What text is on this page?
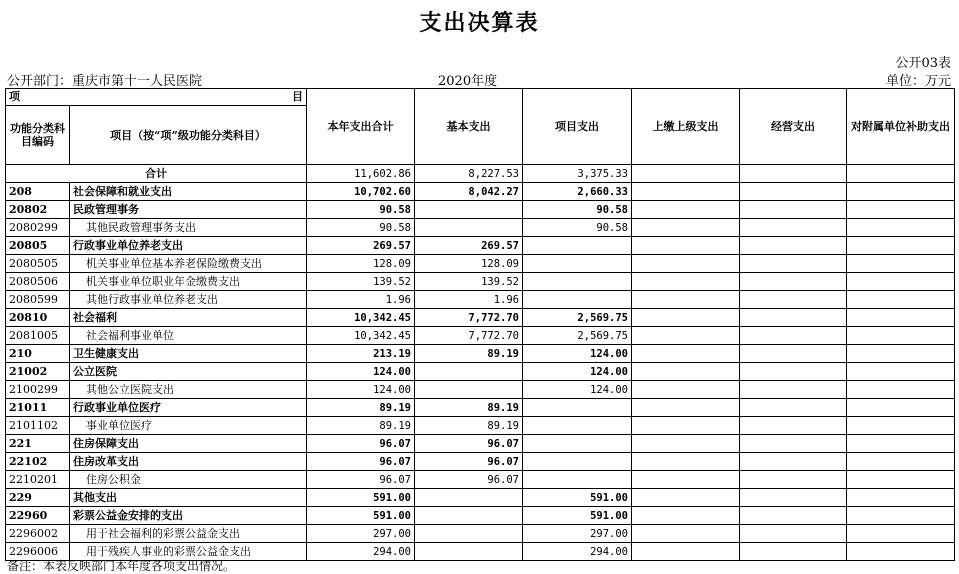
支出决算表
公开03表
公开部门：重庆市第十一人民医院	2020年度	单位：万元
项 目		本年支出合计	基本支出	项目支出	上缴上级支出	经营支出	对附属单位补助支出
功能分类科目编码	项目（按“项”级功能分类科目）						
合计		11,602.86	8,227.53	3,375.33			
208	社会保障和就业支出	10,702.60	8,042.27	2,660.33			
20802	民政管理事务	90.58		90.58			
2080299	其他民政管理事务支出	90.58		90.58			
20805	行政事业单位养老支出	269.57	269.57				
2080505	机关事业单位基本养老保险缴费支出	128.09	128.09				
2080506	机关事业单位职业年金缴费支出	139.52	139.52				
2080599	其他行政事业单位养老支出	1.96	1.96				
20810	社会福利	10,342.45	7,772.70	2,569.75			
2081005	社会福利事业单位	10,342.45	7,772.70	2,569.75			
210	卫生健康支出	213.19	89.19	124.00			
21002	公立医院	124.00		124.00			
2100299	其他公立医院支出	124.00		124.00			
21011	行政事业单位医疗	89.19	89.19				
2101102	事业单位医疗	89.19	89.19				
221	住房保障支出	96.07	96.07				
22102	住房改革支出	96.07	96.07				
2210201	住房公积金	96.07	96.07				
229	其他支出	591.00		591.00			
22960	彩票公益金安排的支出	591.00		591.00			
2296002	用于社会福利的彩票公益金支出	297.00		297.00			
2296006	用于残疾人事业的彩票公益金支出	294.00		294.00			
备注：本表反映部门本年度各项支出情况。
